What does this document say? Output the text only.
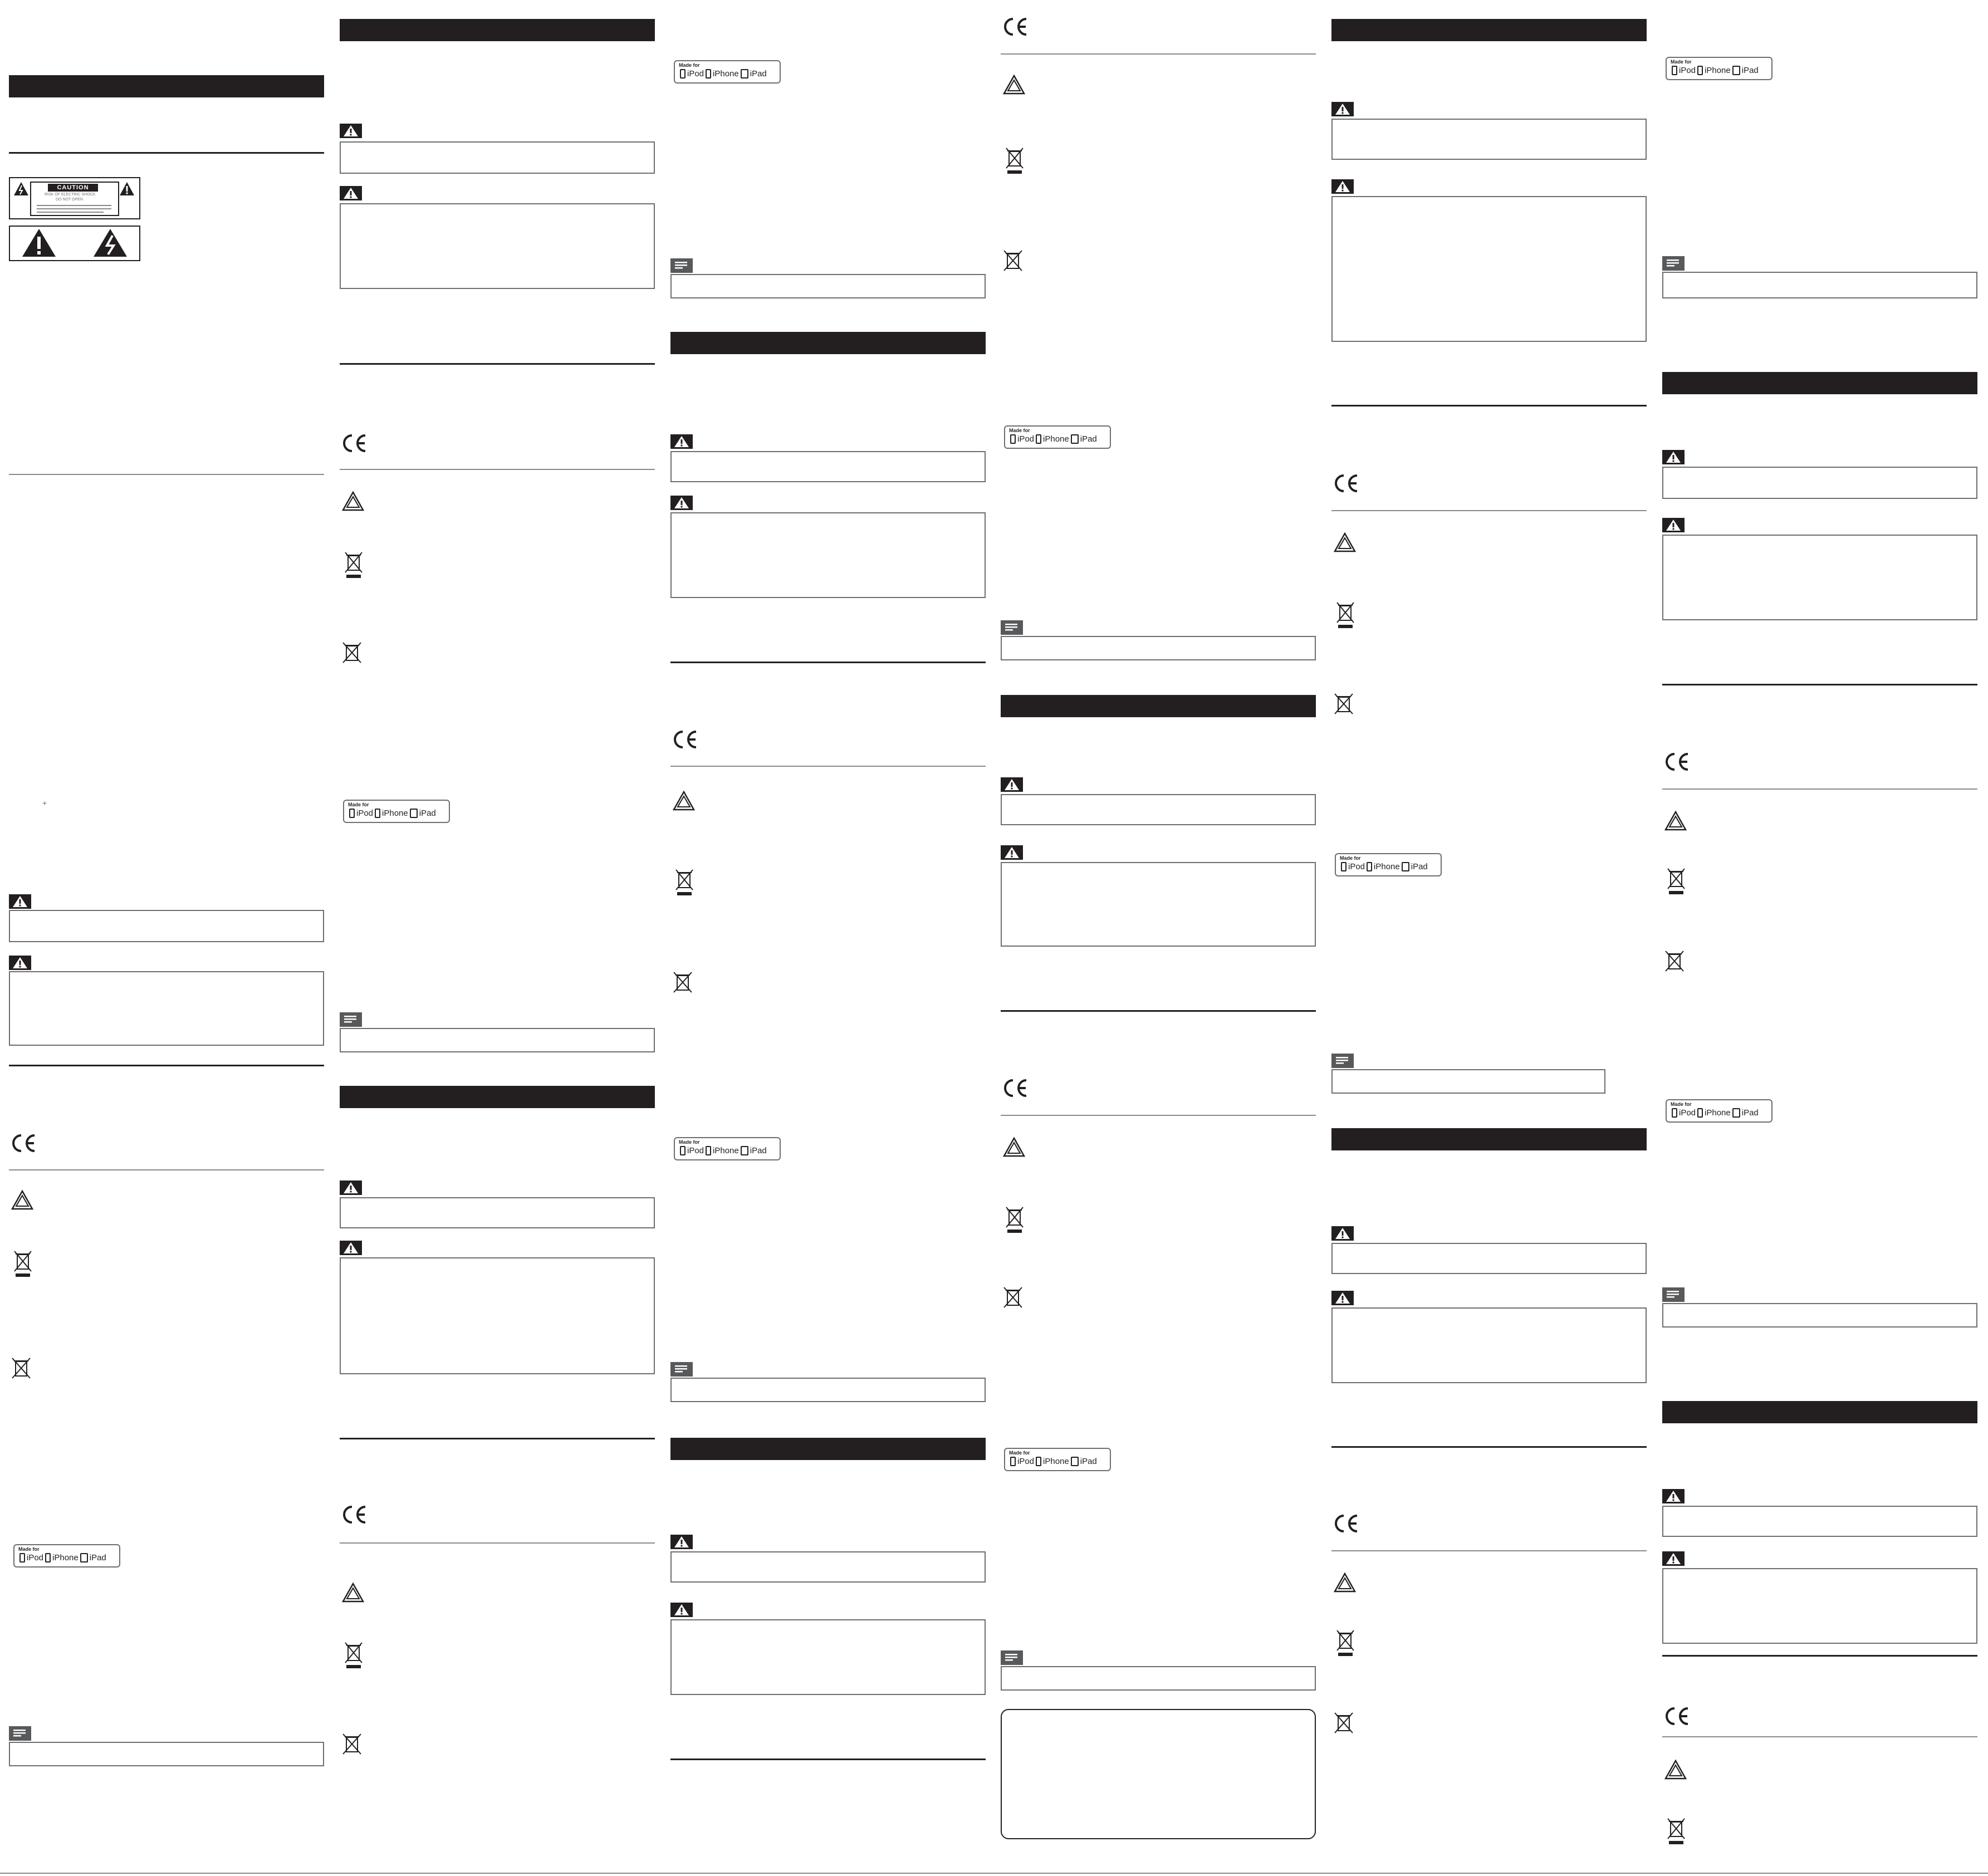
Made for
iPod iPhone iPad
CAUTION
RISK OF ELECTRIC SHOCK
DO NOT OPEN
+	Made for
iPod iPhone iPad
Made for
iPod iPhone iPad
Made for
iPod iPhone iPad
Made for
iPod iPhone iPad
Made for
iPod iPhone iPad
Made for
iPod iPhone iPad
Made for
iPod iPhone iPad
Made for
iPod iPhone iPad
